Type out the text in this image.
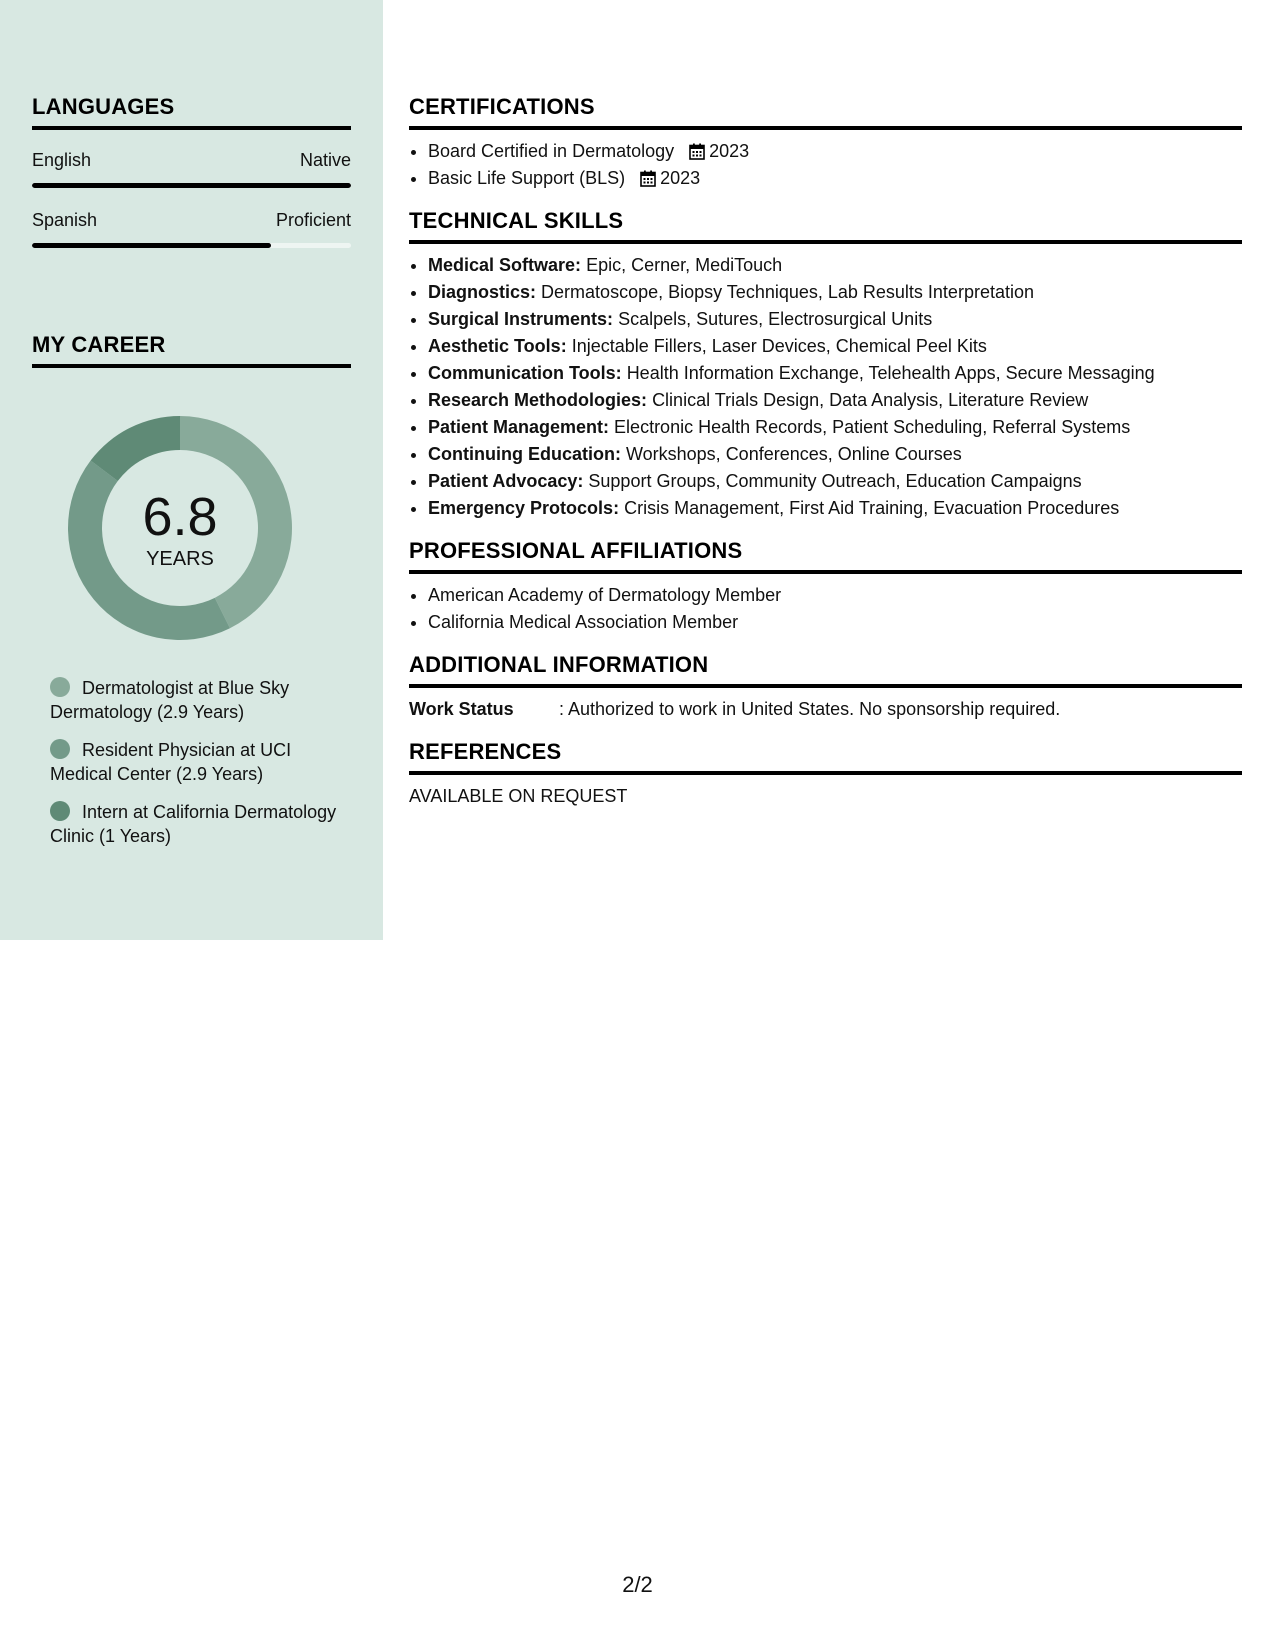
LANGUAGES
English	Native
Spanish	Proficient
MY CAREER
6.8
YEARS
Dermatologist at Blue Sky Dermatology (2.9 Years)
Resident Physician at UCI Medical Center (2.9 Years)
Intern at California Dermatology Clinic (1 Years)
CERTIFICATIONS
• Board Certified in Dermatology 2023
• Basic Life Support (BLS) 2023
TECHNICAL SKILLS
• Medical Software: Epic, Cerner, MediTouch
• Diagnostics: Dermatoscope, Biopsy Techniques, Lab Results Interpretation
• Surgical Instruments: Scalpels, Sutures, Electrosurgical Units
• Aesthetic Tools: Injectable Fillers, Laser Devices, Chemical Peel Kits
• Communication Tools: Health Information Exchange, Telehealth Apps, Secure Messaging
• Research Methodologies: Clinical Trials Design, Data Analysis, Literature Review
• Patient Management: Electronic Health Records, Patient Scheduling, Referral Systems
• Continuing Education: Workshops, Conferences, Online Courses
• Patient Advocacy: Support Groups, Community Outreach, Education Campaigns
• Emergency Protocols: Crisis Management, First Aid Training, Evacuation Procedures
PROFESSIONAL AFFILIATIONS
• American Academy of Dermatology Member
• California Medical Association Member
ADDITIONAL INFORMATION
Work Status	: Authorized to work in United States. No sponsorship required.
REFERENCES
AVAILABLE ON REQUEST
2/2
